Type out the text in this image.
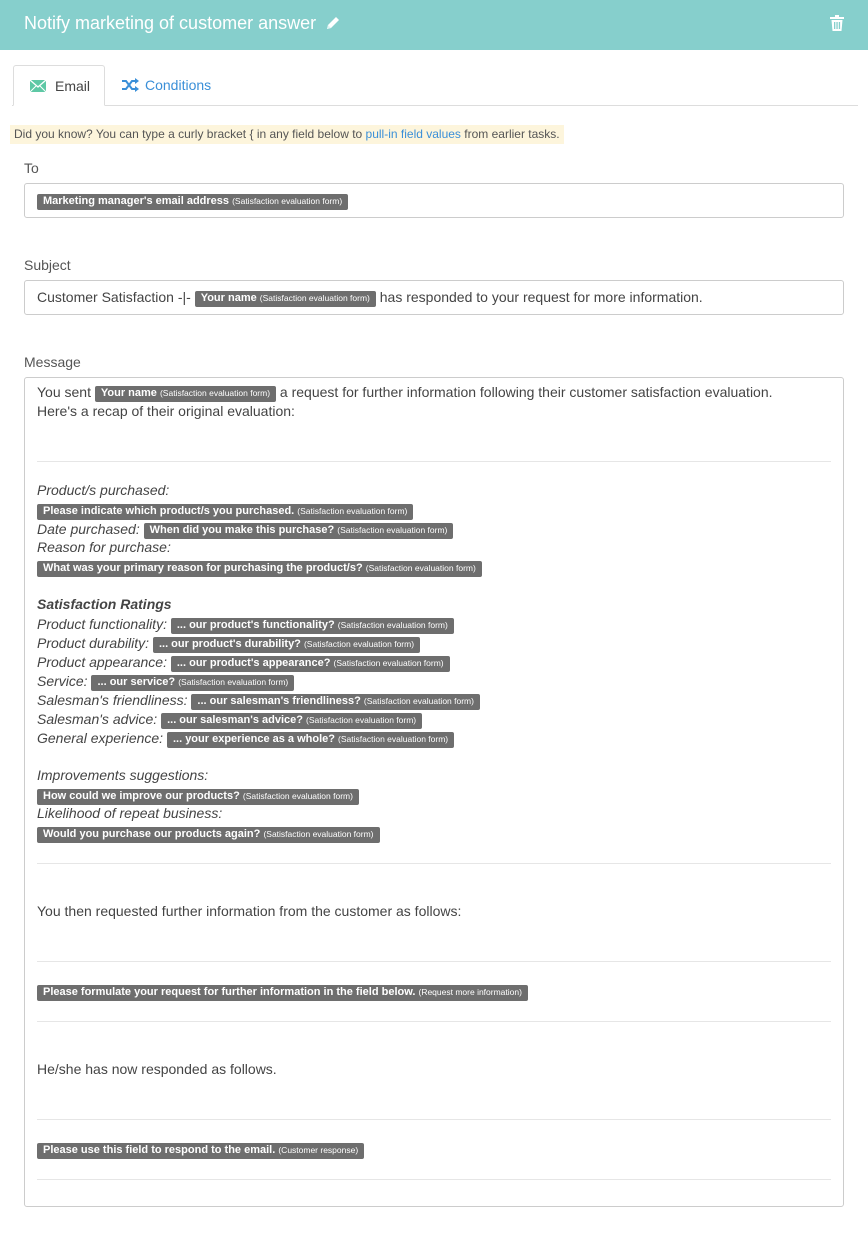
Notify marketing of customer answer
Email	Conditions
Did you know? You can type a curly bracket { in any field below to pull-in field values from earlier tasks.
To
Marketing manager's email address (Satisfaction evaluation form)
Subject
Customer Satisfaction -|- Your name (Satisfaction evaluation form) has responded to your request for more information.
Message
You sent Your name (Satisfaction evaluation form) a request for further information following their customer satisfaction evaluation.
Here's a recap of their original evaluation:
Product/s purchased:
Please indicate which product/s you purchased. (Satisfaction evaluation form)
Date purchased: When did you make this purchase? (Satisfaction evaluation form)
Reason for purchase:
What was your primary reason for purchasing the product/s? (Satisfaction evaluation form)
Satisfaction Ratings
Product functionality: ... our product's functionality? (Satisfaction evaluation form)
Product durability: ... our product's durability? (Satisfaction evaluation form)
Product appearance: ... our product's appearance? (Satisfaction evaluation form)
Service: ... our service? (Satisfaction evaluation form)
Salesman's friendliness: ... our salesman's friendliness? (Satisfaction evaluation form)
Salesman's advice: ... our salesman's advice? (Satisfaction evaluation form)
General experience: ... your experience as a whole? (Satisfaction evaluation form)
Improvements suggestions:
How could we improve our products? (Satisfaction evaluation form)
Likelihood of repeat business:
Would you purchase our products again? (Satisfaction evaluation form)
You then requested further information from the customer as follows:
Please formulate your request for further information in the field below. (Request more information)
He/she has now responded as follows.
Please use this field to respond to the email. (Customer response)
